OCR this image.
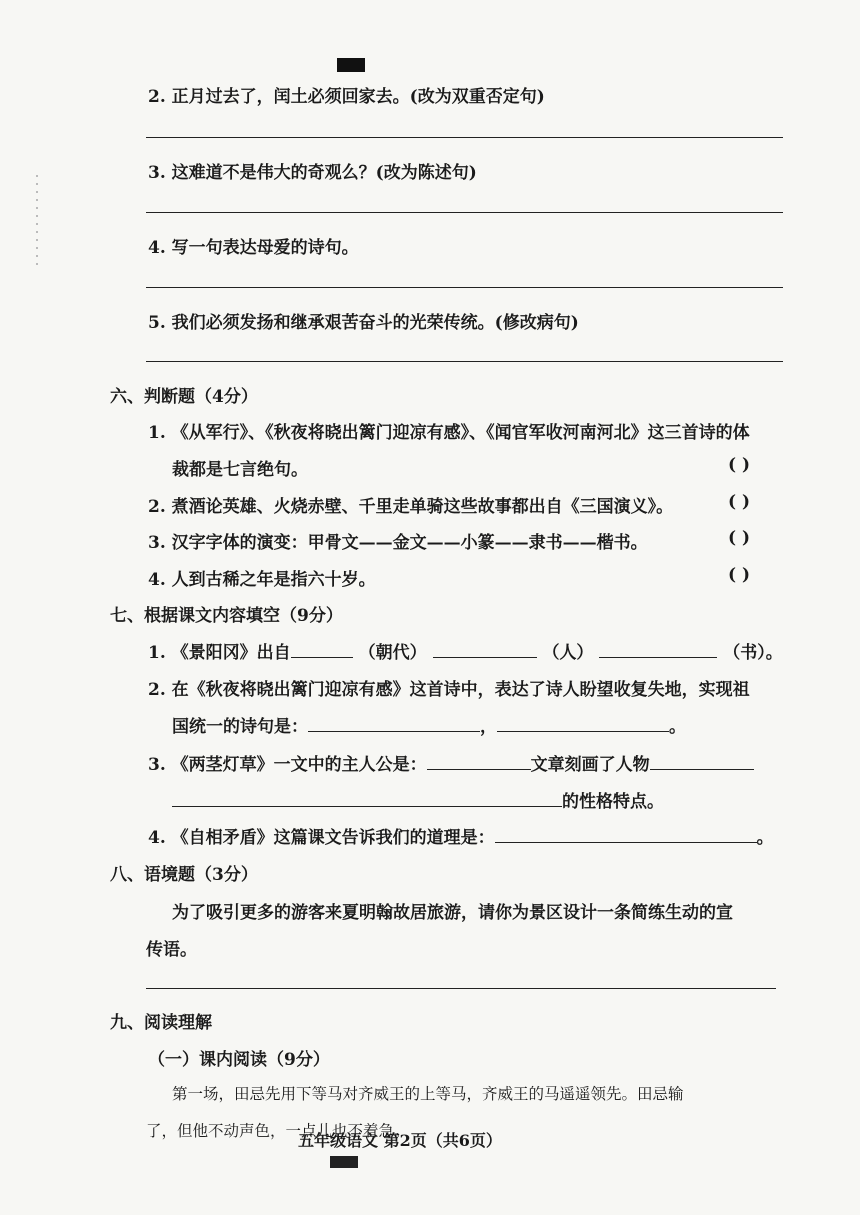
2. 正月过去了，闰土必须回家去。(改为双重否定句)
3. 这难道不是伟大的奇观么？(改为陈述句)
4. 写一句表达母爱的诗句。
5. 我们必须发扬和继承艰苦奋斗的光荣传统。(修改病句)
六、判断题（4分）
1. 《从军行》、《秋夜将晓出篱门迎凉有感》、《闻官军收河南河北》这三首诗的体
裁都是七言绝句。	( )
2. 煮酒论英雄、火烧赤壁、千里走单骑这些故事都出自《三国演义》。	( )
3. 汉字字体的演变：甲骨文——金文——小篆——隶书——楷书。	( )
4. 人到古稀之年是指六十岁。	( )
七、根据课文内容填空（9分）
1. 《景阳冈》出自	（朝代）	（人）	（书）。
2. 在《秋夜将晓出篱门迎凉有感》这首诗中，表达了诗人盼望收复失地，实现祖
国统一的诗句是：	，	。
3. 《两茎灯草》一文中的主人公是：	文章刻画了人物
的性格特点。
4. 《自相矛盾》这篇课文告诉我们的道理是：	。
八、语境题（3分）
为了吸引更多的游客来夏明翰故居旅游，请你为景区设计一条简练生动的宣
传语。
九、阅读理解
（一）课内阅读（9分）
第一场，田忌先用下等马对齐威王的上等马，齐威王的马遥遥领先。田忌输
了，但他不动声色，一点儿也不着急。
五年级语文 第2页（共6页）
